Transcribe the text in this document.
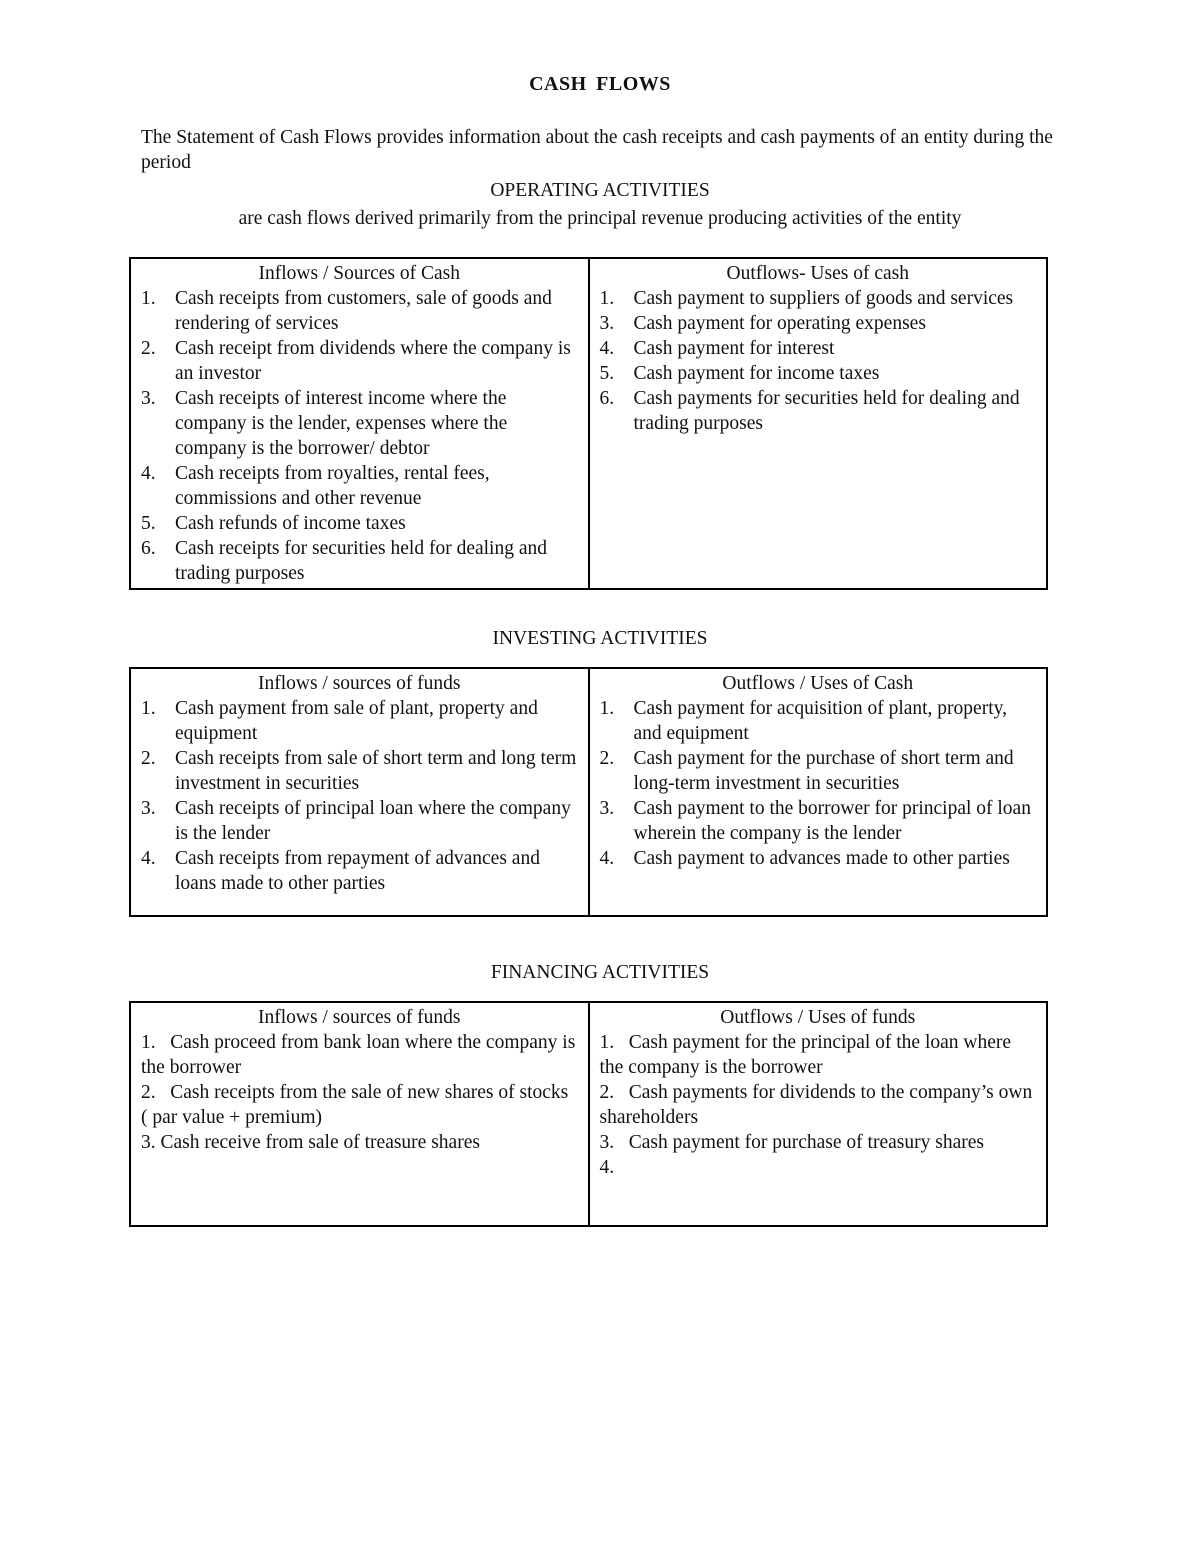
CASH FLOWS
The Statement of Cash Flows provides information about the cash receipts and cash payments of an entity during the period
OPERATING ACTIVITIES
are cash flows derived primarily from the principal revenue producing activities of the entity
Inflows / Sources of Cash
1. Cash receipts from customers, sale of goods and rendering of services
2. Cash receipt from dividends where the company is an investor
3. Cash receipts of interest income where the company is the lender, expenses where the company is the borrower/ debtor
4. Cash receipts from royalties, rental fees, commissions and other revenue
5. Cash refunds of income taxes
6. Cash receipts for securities held for dealing and trading purposes

Outflows- Uses of cash
1. Cash payment to suppliers of goods and services
3. Cash payment for operating expenses
4. Cash payment for interest
5. Cash payment for income taxes
6. Cash payments for securities held for dealing and trading purposes
INVESTING ACTIVITIES
Inflows / sources of funds
1. Cash payment from sale of plant, property and equipment
2. Cash receipts from sale of short term and long term investment in securities
3. Cash receipts of principal loan where the company is the lender
4. Cash receipts from repayment of advances and loans made to other parties

Outflows / Uses of Cash
1. Cash payment for acquisition of plant, property, and equipment
2. Cash payment for the purchase of short term and long-term investment in securities
3. Cash payment to the borrower for principal of loan wherein the company is the lender
4. Cash payment to advances made to other parties
FINANCING ACTIVITIES
Inflows / sources of funds
1. Cash proceed from bank loan where the company is the borrower
2. Cash receipts from the sale of new shares of stocks ( par value + premium)
3. Cash receive from sale of treasure shares

Outflows / Uses of funds
1. Cash payment for the principal of the loan where the company is the borrower
2. Cash payments for dividends to the company’s own shareholders
3. Cash payment for purchase of treasury shares
4.
